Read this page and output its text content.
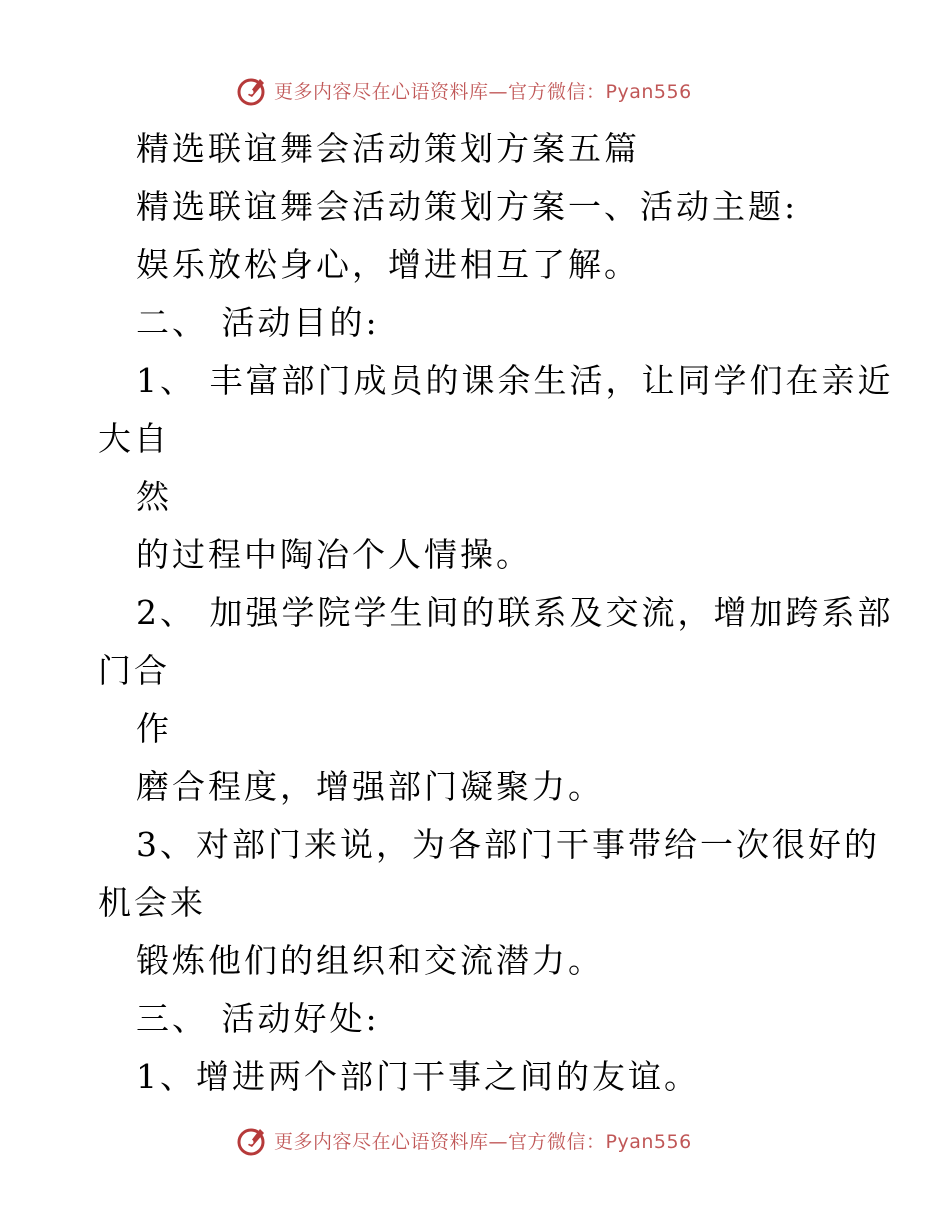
更多内容尽在心语资料库—官方微信：Pyan556
精选联谊舞会活动策划方案五篇
精选联谊舞会活动策划方案一、活动主题:
娱乐放松身心，增进相互了解。
二、 活动目的:
1、 丰富部门成员的课余生活，让同学们在亲近
大自
然
的过程中陶冶个人情操。
2、 加强学院学生间的联系及交流，增加跨系部
门合
作
磨合程度，增强部门凝聚力。
3、对部门来说，为各部门干事带给一次很好的
机会来
锻炼他们的组织和交流潜力。
三、 活动好处:
1、增进两个部门干事之间的友谊。
更多内容尽在心语资料库—官方微信：Pyan556
